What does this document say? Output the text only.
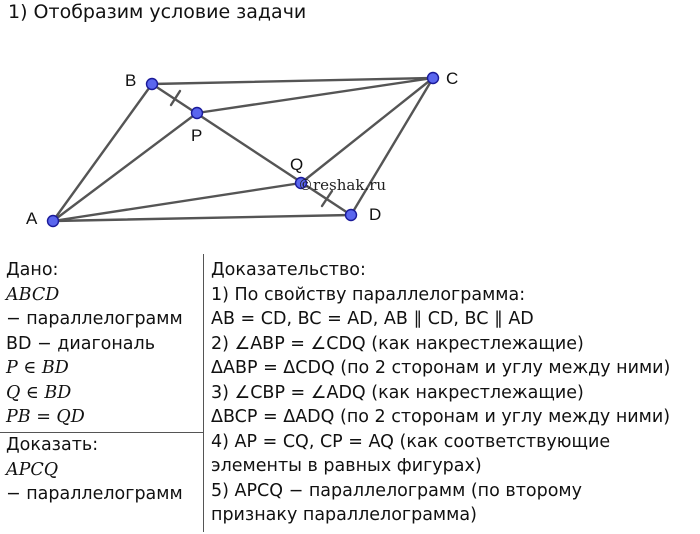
1) Отобразим условие задачи
A
B	C
D
P
Q
©reshak.ru
Дано:
ABCD
− параллелограмм
BD − диагональ
P ∈ BD
Q ∈ BD
PB = QD
Доказать:
APCQ
− параллелограмм
Доказательство:
1) По свойству параллелограмма:
AB = CD, BC = AD, AB ∥ CD, BC ∥ AD
2) ∠ABP = ∠CDQ (как накрестлежащие)
ΔABP = ΔCDQ (по 2 сторонам и углу между ними)
3) ∠CBP = ∠ADQ (как накрестлежащие)
ΔBCP = ΔADQ (по 2 сторонам и углу между ними)
4) AP = CQ, CP = AQ (как соответствующие
элементы в равных фигурах)
5) APCQ − параллелограмм (по второму
признаку параллелограмма)
